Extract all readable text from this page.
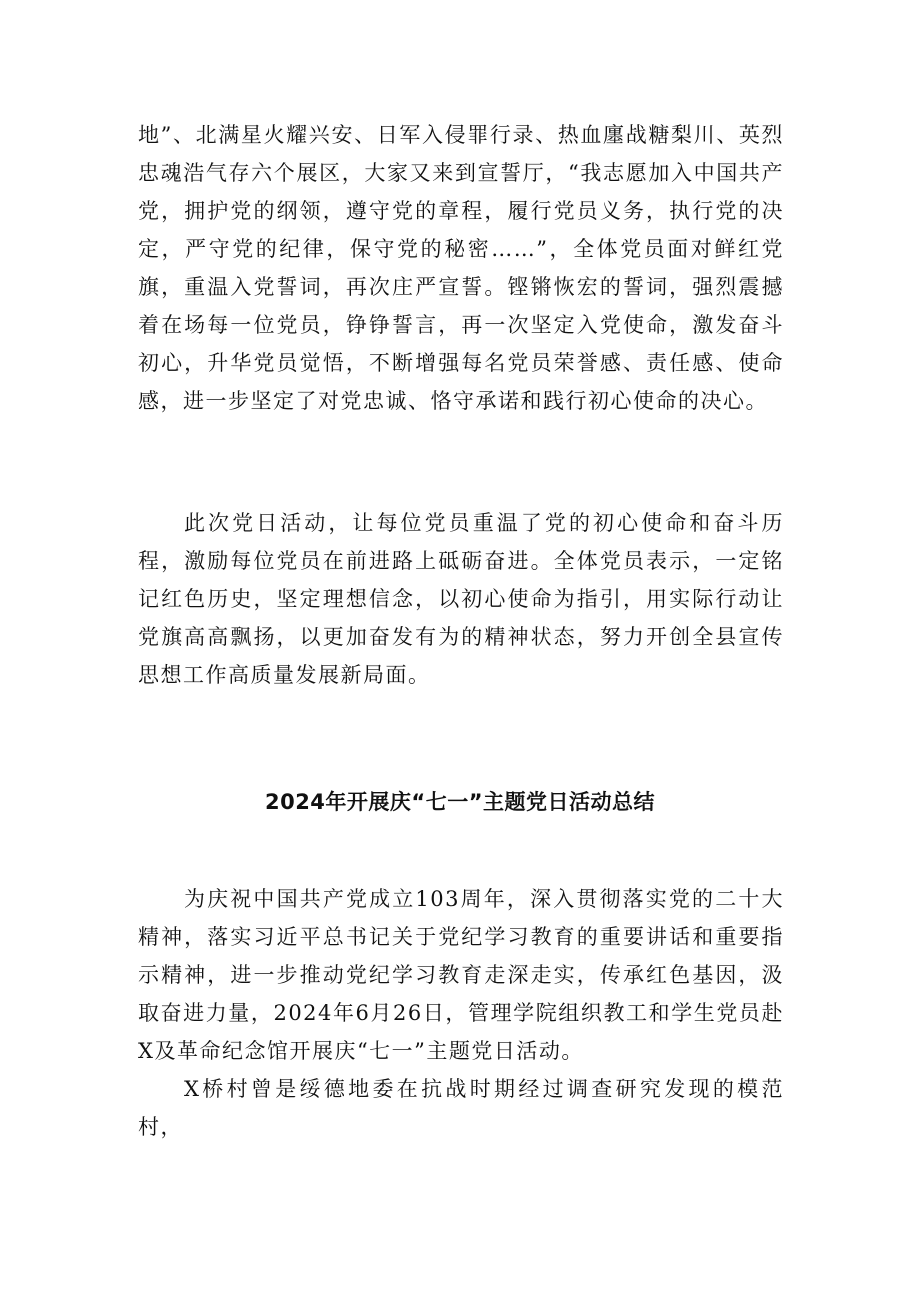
地”、北满星火耀兴安、日军入侵罪行录、热血廛战糖梨川、英烈忠魂浩气存六个展区，大家又来到宣誓厅，“我志愿加入中国共产党，拥护党的纲领，遵守党的章程，履行党员义务，执行党的决定，严守党的纪律，保守党的秘密……”，全体党员面对鲜红党旗，重温入党誓词，再次庄严宣誓。铿锵恢宏的誓词，强烈震撼着在场每一位党员，铮铮誓言，再一次坚定入党使命，激发奋斗初心，升华党员觉悟，不断增强每名党员荣誉感、责任感、使命感，进一步坚定了对党忠诚、恪守承诺和践行初心使命的决心。

此次党日活动，让每位党员重温了党的初心使命和奋斗历程，激励每位党员在前进路上砥砺奋进。全体党员表示，一定铭记红色历史，坚定理想信念，以初心使命为指引，用实际行动让党旗高高飘扬，以更加奋发有为的精神状态，努力开创全县宣传思想工作高质量发展新局面。

2024年开展庆“七一”主题党日活动总结

为庆祝中国共产党成立103周年，深入贯彻落实党的二十大精神，落实习近平总书记关于党纪学习教育的重要讲话和重要指示精神，进一步推动党纪学习教育走深走实，传承红色基因，汲取奋进力量，2024年6月26日，管理学院组织教工和学生党员赴X及革命纪念馆开展庆“七一”主题党日活动。

X桥村曾是绥德地委在抗战时期经过调查研究发现的模范村，
